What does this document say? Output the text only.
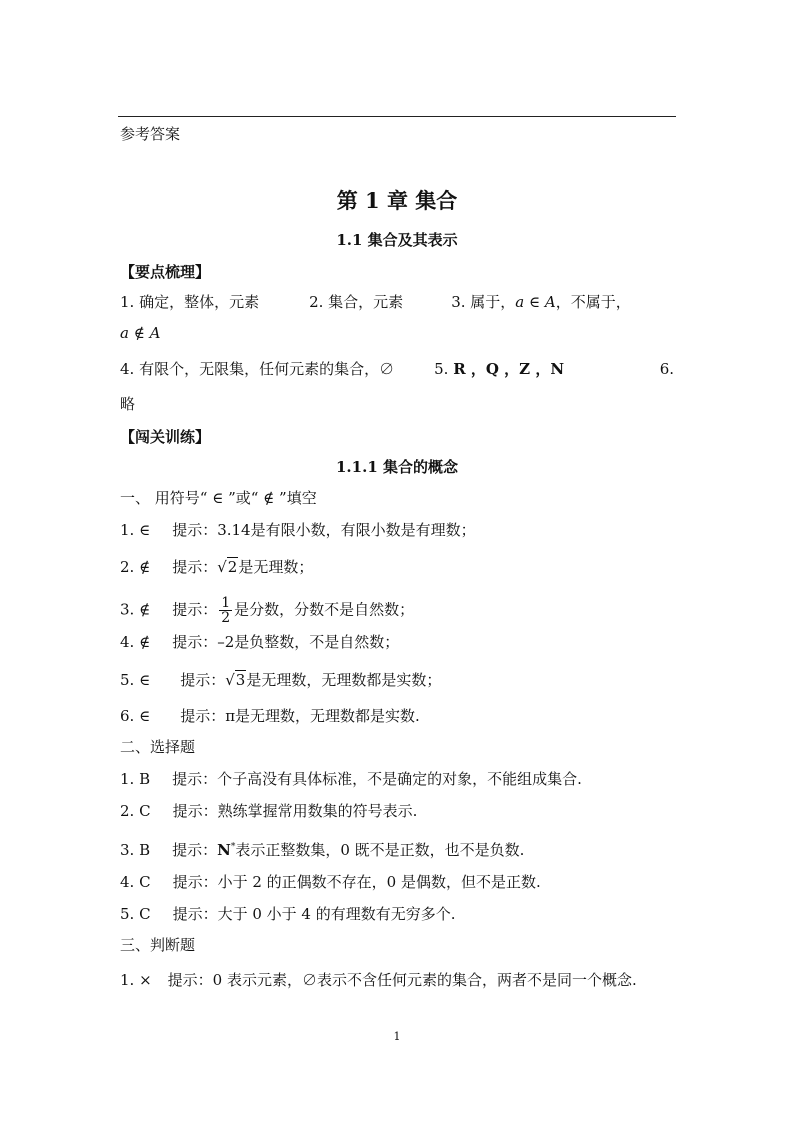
参考答案
第 1 章 集合
1.1 集合及其表示
【要点梳理】
1. 确定，整体，元素	2. 集合，元素	3. 属于，a ∈ A，不属于，
a ∉ A
4. 有限个，无限集，任何元素的集合，∅	5. R ，Q ，Z ，N	6.
略
【闯关训练】
1.1.1 集合的概念
一、 用符号“ ∈ ”或“ ∉ ”填空
1. ∈ 提示：3.14是有限小数，有限小数是有理数；
2. ∉ 提示：√2是无理数；
3. ∉ 提示： $\frac{1}{2}$ 是分数，分数不是自然数；
4. ∉ 提示：–2是负整数，不是自然数；
5. ∈ 提示：√3是无理数，无理数都是实数；
6. ∈ 提示：π是无理数，无理数都是实数.
二、选择题
1. B 提示：个子高没有具体标准，不是确定的对象，不能组成集合.
2. C 提示：熟练掌握常用数集的符号表示.
3. B 提示：N*表示正整数集，0 既不是正数，也不是负数.
4. C 提示：小于 2 的正偶数不存在，0 是偶数，但不是正数.
5. C 提示：大于 0 小于 4 的有理数有无穷多个.
三、判断题
1. × 提示：0 表示元素，∅表示不含任何元素的集合，两者不是同一个概念.
1
